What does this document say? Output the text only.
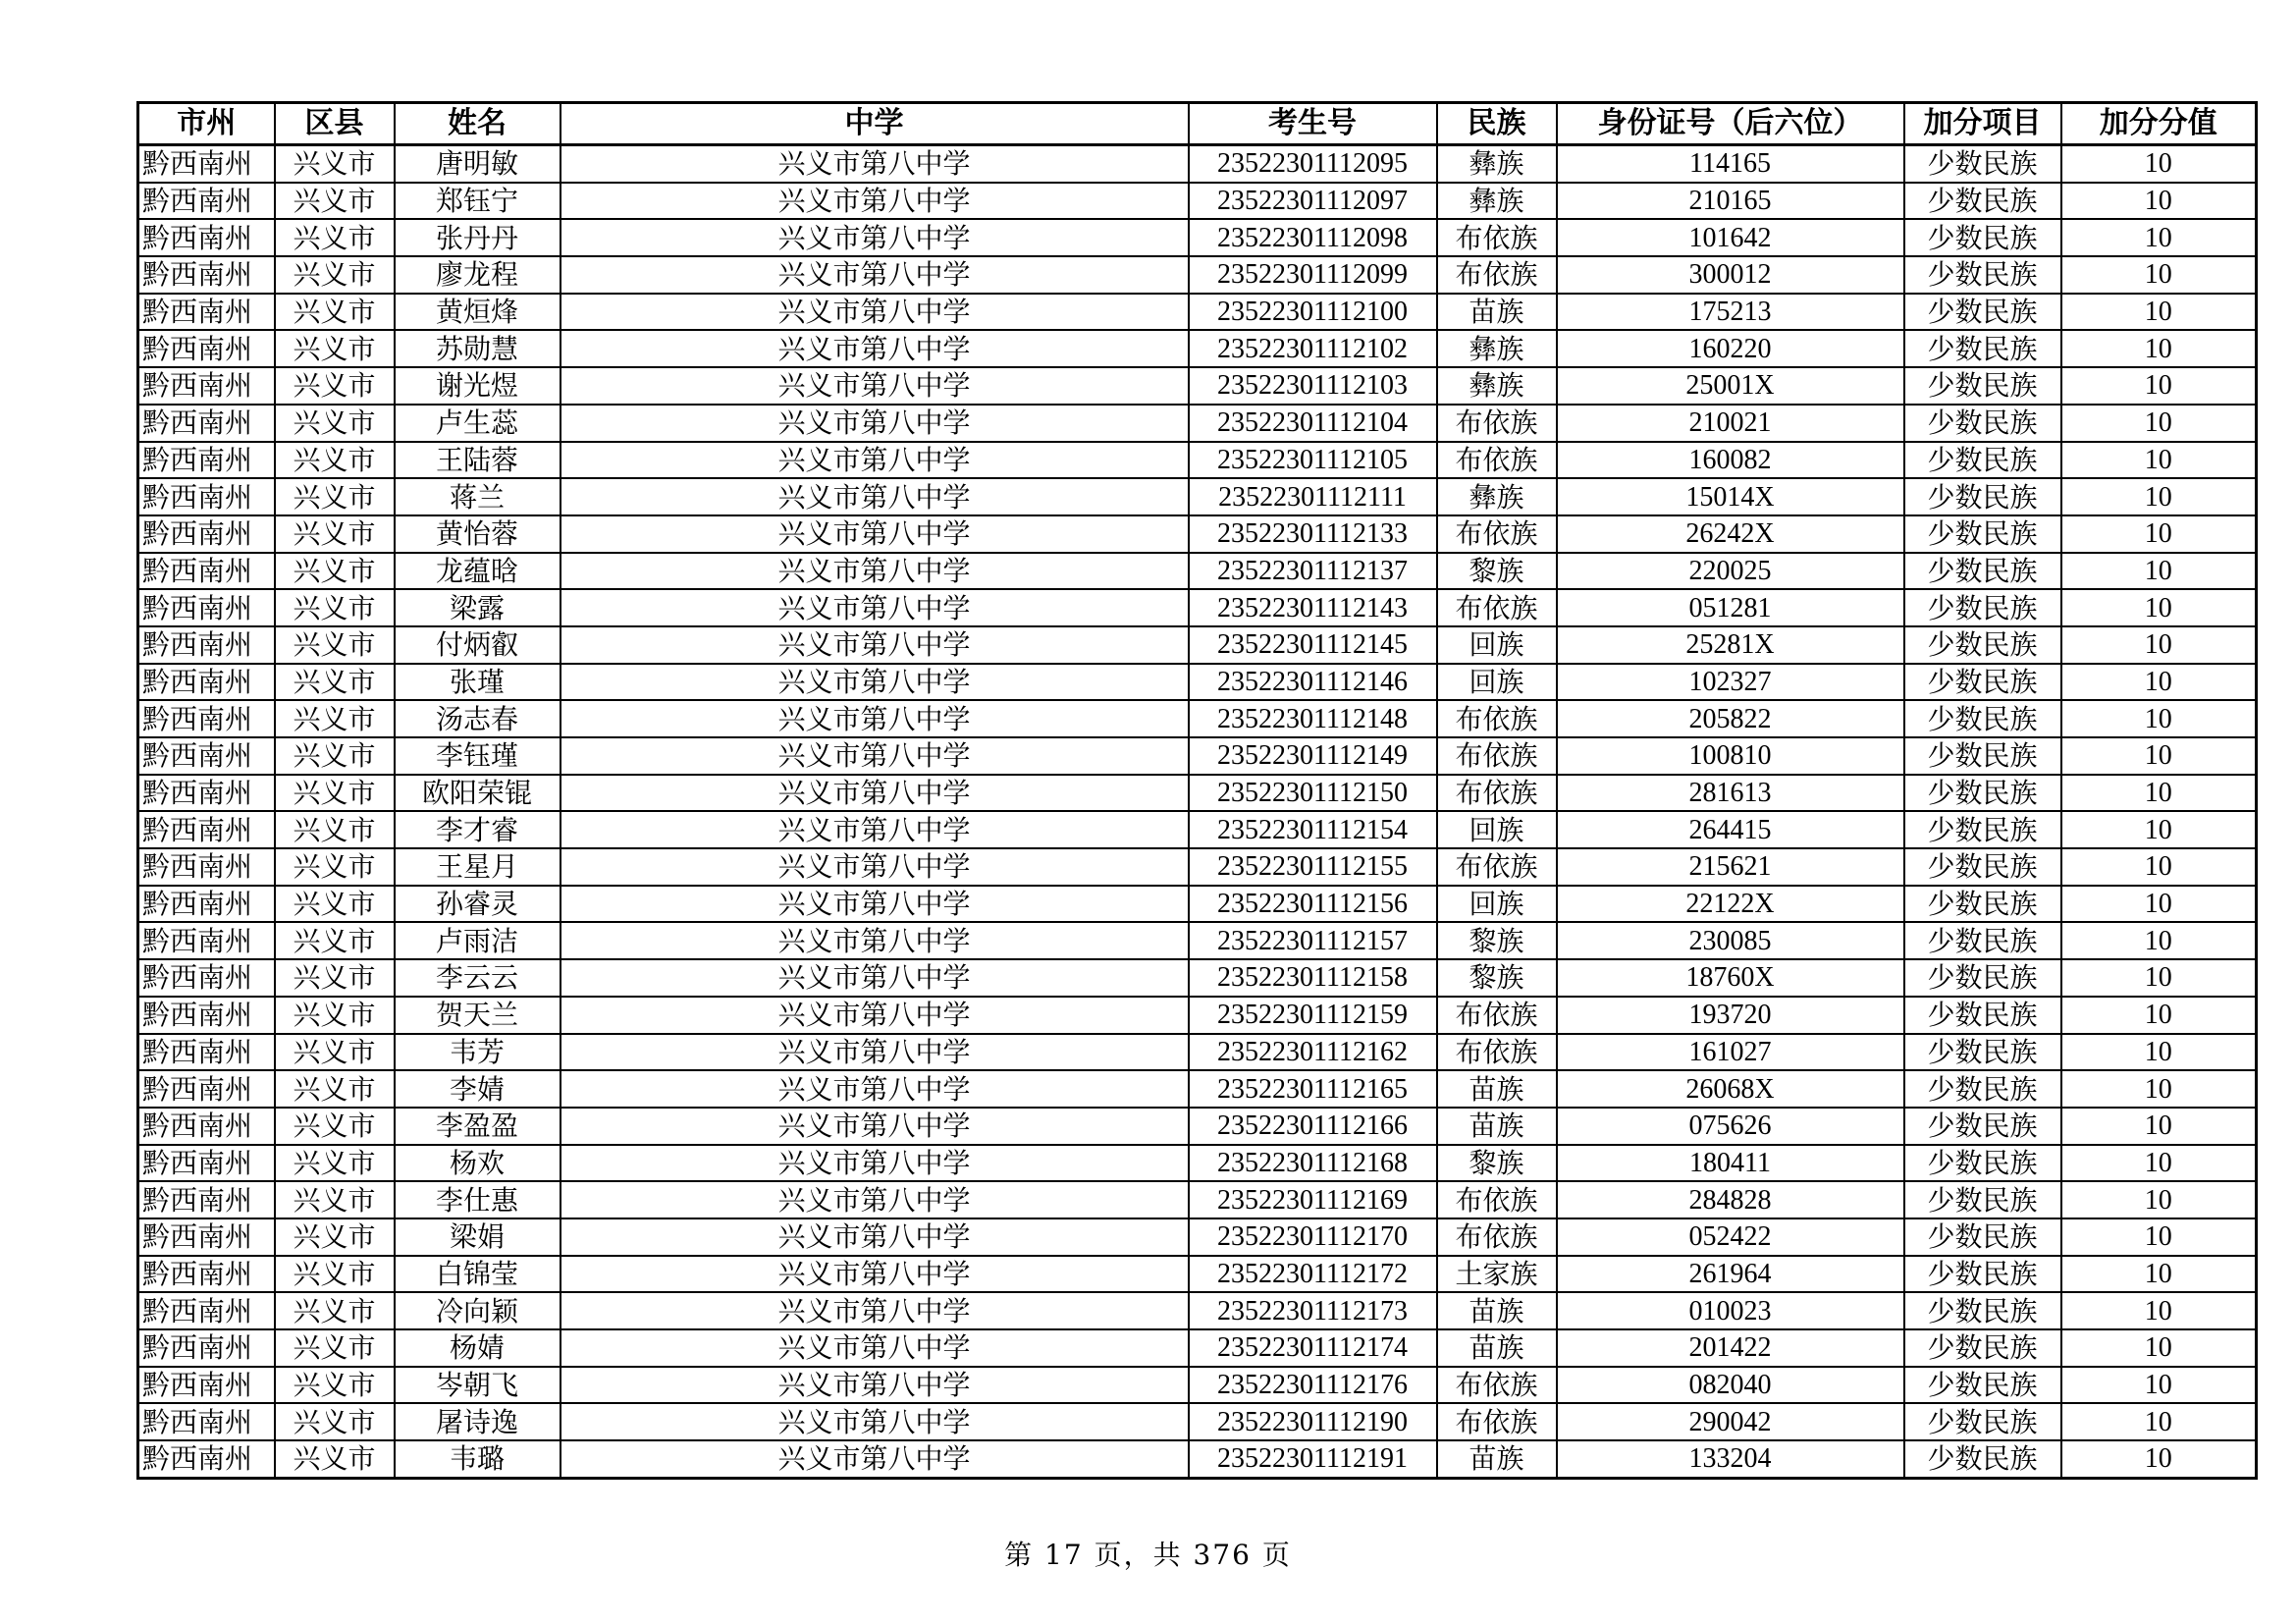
市州	区县	姓名	中学	考生号	民族	身份证号（后六位）	加分项目	加分分值
黔西南州	兴义市	唐明敏	兴义市第八中学	23522301112095	彝族	114165	少数民族	10
黔西南州	兴义市	郑钰宁	兴义市第八中学	23522301112097	彝族	210165	少数民族	10
黔西南州	兴义市	张丹丹	兴义市第八中学	23522301112098	布依族	101642	少数民族	10
黔西南州	兴义市	廖龙程	兴义市第八中学	23522301112099	布依族	300012	少数民族	10
黔西南州	兴义市	黄烜烽	兴义市第八中学	23522301112100	苗族	175213	少数民族	10
黔西南州	兴义市	苏勋慧	兴义市第八中学	23522301112102	彝族	160220	少数民族	10
黔西南州	兴义市	谢光煜	兴义市第八中学	23522301112103	彝族	25001X	少数民族	10
黔西南州	兴义市	卢生蕊	兴义市第八中学	23522301112104	布依族	210021	少数民族	10
黔西南州	兴义市	王陆蓉	兴义市第八中学	23522301112105	布依族	160082	少数民族	10
黔西南州	兴义市	蒋兰	兴义市第八中学	23522301112111	彝族	15014X	少数民族	10
黔西南州	兴义市	黄怡蓉	兴义市第八中学	23522301112133	布依族	26242X	少数民族	10
黔西南州	兴义市	龙蕴晗	兴义市第八中学	23522301112137	黎族	220025	少数民族	10
黔西南州	兴义市	梁露	兴义市第八中学	23522301112143	布依族	051281	少数民族	10
黔西南州	兴义市	付炳叡	兴义市第八中学	23522301112145	回族	25281X	少数民族	10
黔西南州	兴义市	张瑾	兴义市第八中学	23522301112146	回族	102327	少数民族	10
黔西南州	兴义市	汤志春	兴义市第八中学	23522301112148	布依族	205822	少数民族	10
黔西南州	兴义市	李钰瑾	兴义市第八中学	23522301112149	布依族	100810	少数民族	10
黔西南州	兴义市	欧阳荣锟	兴义市第八中学	23522301112150	布依族	281613	少数民族	10
黔西南州	兴义市	李才睿	兴义市第八中学	23522301112154	回族	264415	少数民族	10
黔西南州	兴义市	王星月	兴义市第八中学	23522301112155	布依族	215621	少数民族	10
黔西南州	兴义市	孙睿灵	兴义市第八中学	23522301112156	回族	22122X	少数民族	10
黔西南州	兴义市	卢雨洁	兴义市第八中学	23522301112157	黎族	230085	少数民族	10
黔西南州	兴义市	李云云	兴义市第八中学	23522301112158	黎族	18760X	少数民族	10
黔西南州	兴义市	贺天兰	兴义市第八中学	23522301112159	布依族	193720	少数民族	10
黔西南州	兴义市	韦芳	兴义市第八中学	23522301112162	布依族	161027	少数民族	10
黔西南州	兴义市	李婧	兴义市第八中学	23522301112165	苗族	26068X	少数民族	10
黔西南州	兴义市	李盈盈	兴义市第八中学	23522301112166	苗族	075626	少数民族	10
黔西南州	兴义市	杨欢	兴义市第八中学	23522301112168	黎族	180411	少数民族	10
黔西南州	兴义市	李仕惠	兴义市第八中学	23522301112169	布依族	284828	少数民族	10
黔西南州	兴义市	梁娟	兴义市第八中学	23522301112170	布依族	052422	少数民族	10
黔西南州	兴义市	白锦莹	兴义市第八中学	23522301112172	土家族	261964	少数民族	10
黔西南州	兴义市	冷向颖	兴义市第八中学	23522301112173	苗族	010023	少数民族	10
黔西南州	兴义市	杨婧	兴义市第八中学	23522301112174	苗族	201422	少数民族	10
黔西南州	兴义市	岑朝飞	兴义市第八中学	23522301112176	布依族	082040	少数民族	10
黔西南州	兴义市	屠诗逸	兴义市第八中学	23522301112190	布依族	290042	少数民族	10
黔西南州	兴义市	韦璐	兴义市第八中学	23522301112191	苗族	133204	少数民族	10
第 17 页，共 376 页
